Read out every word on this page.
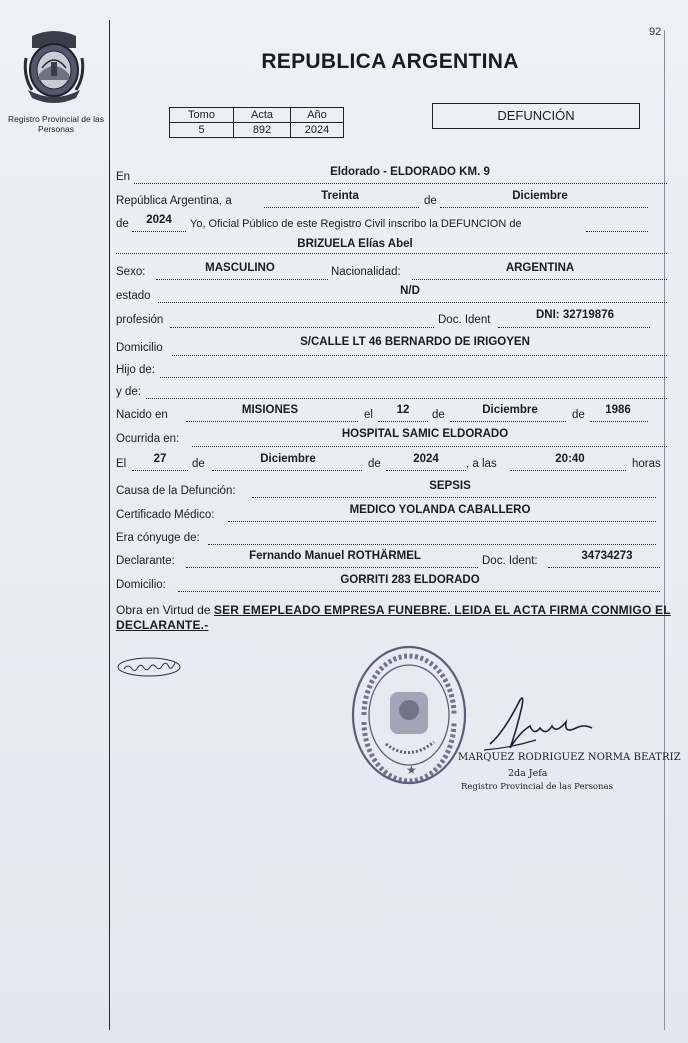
92
Registro Provincial de las Personas
REPUBLICA ARGENTINA
Tomo	Acta	Año
5	892	2024
DEFUNCIÓN
En	Eldorado - ELDORADO KM. 9
República Argentina, a	Treinta	de	Diciembre
de	2024	Yo, Oficial Público de este Registro Civil inscribo la DEFUNCION de
BRIZUELA Elías Abel
Sexo:	MASCULINO	Nacionalidad:	ARGENTINA
estado	N/D
profesión	Doc. Ident	DNI: 32719876
Domicilio	S/CALLE LT 46 BERNARDO DE IRIGOYEN
Hijo de:
y de:
Nacido en	MISIONES	el	12	de	Diciembre	de	1986
Ocurrida en:	HOSPITAL SAMIC ELDORADO
El	27	de	Diciembre	de	2024	, a las	20:40	horas
Causa de la Defunción:	SEPSIS
Certificado Médico:	MEDICO YOLANDA CABALLERO
Era cónyuge de:
Declarante:	Fernando Manuel ROTHÄRMEL	Doc. Ident:	34734273
Domicilio:	GORRITI 283 ELDORADO
Obra en Virtud de SER EMEPLEADO EMPRESA FUNEBRE. LEIDA EL ACTA FIRMA CONMIGO EL DECLARANTE.-
★
MARQUEZ RODRIGUEZ NORMA BEATRIZ
2da Jefa
Registro Provincial de las Personas
